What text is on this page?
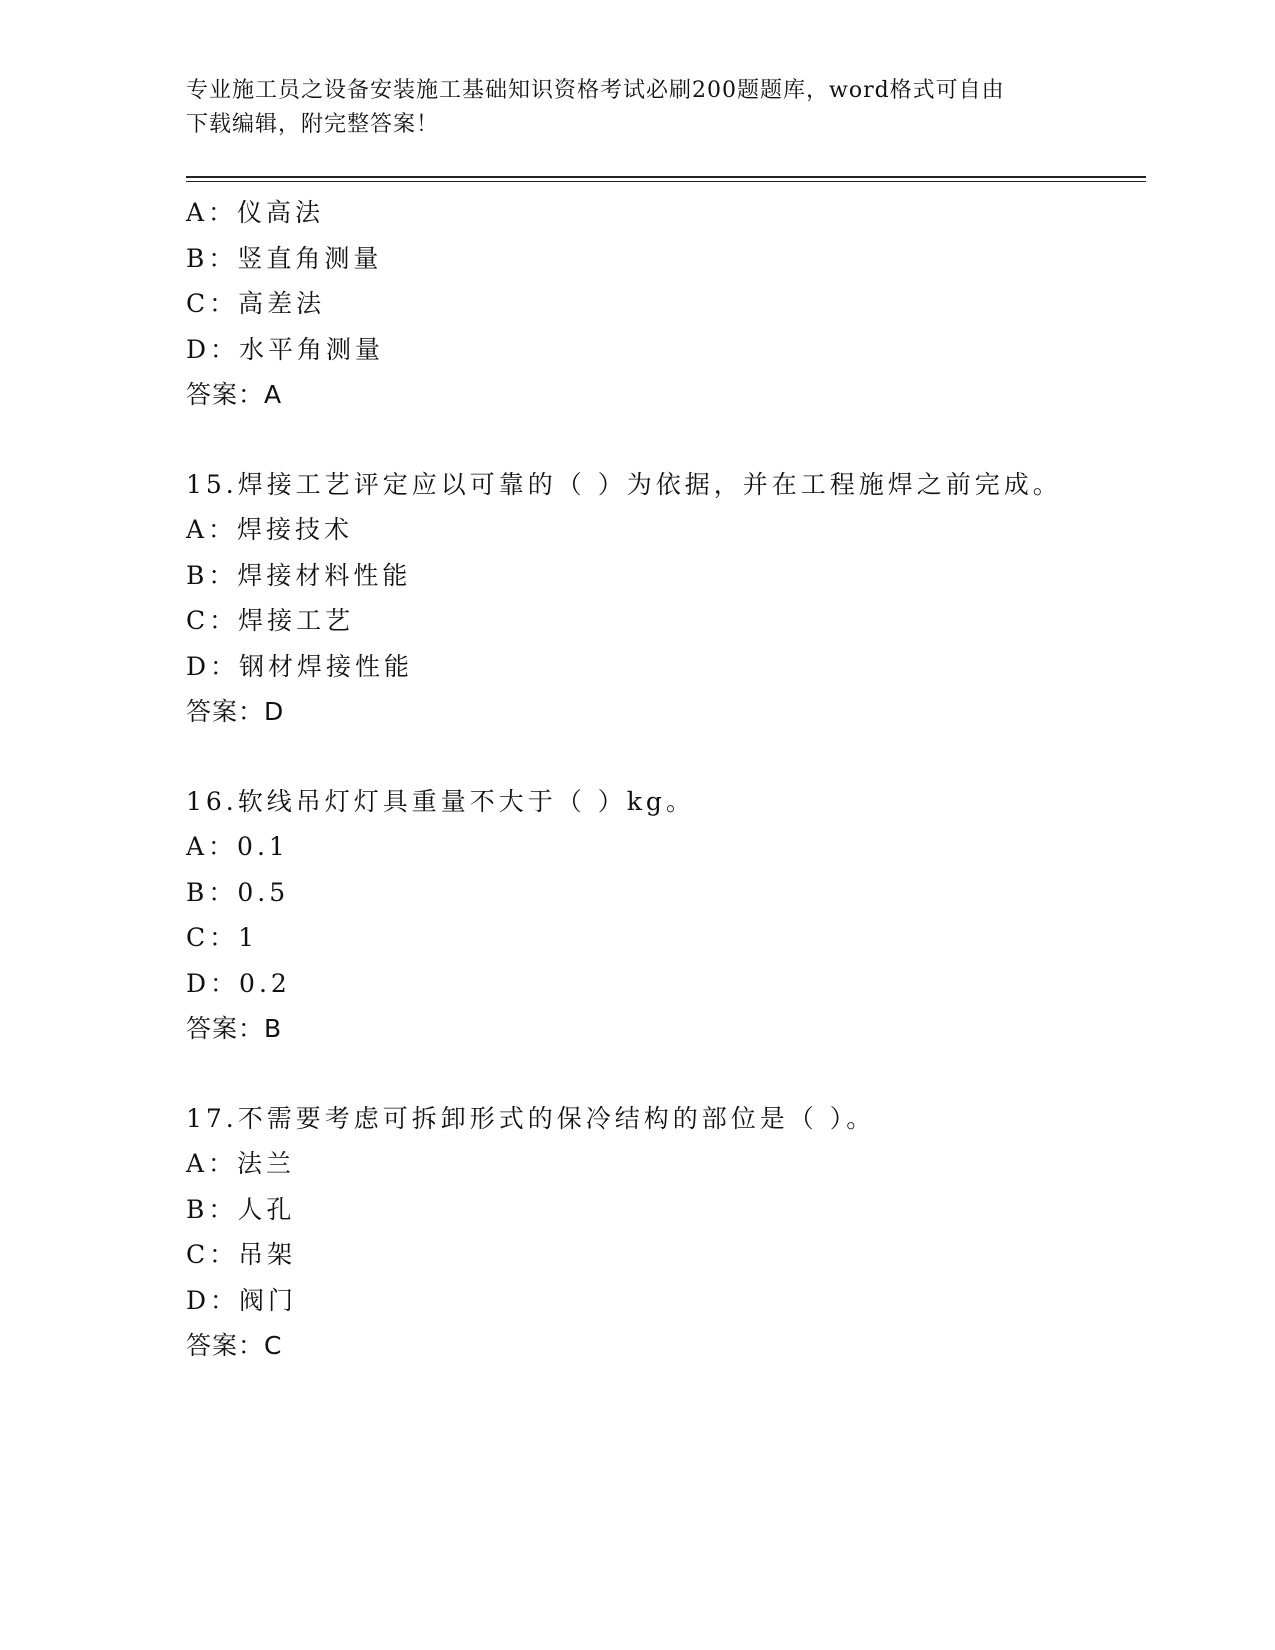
专业施工员之设备安装施工基础知识资格考试必刷200题题库，word格式可自由
下载编辑，附完整答案！
A：仪高法
B：竖直角测量
C：高差法
D：水平角测量
答案：A
15.焊接工艺评定应以可靠的（ ）为依据，并在工程施焊之前完成。
A：焊接技术
B：焊接材料性能
C：焊接工艺
D：钢材焊接性能
答案：D
16.软线吊灯灯具重量不大于（ ）kg。
A：0.1
B：0.5
C：1
D：0.2
答案：B
17.不需要考虑可拆卸形式的保冷结构的部位是（ ）。
A：法兰
B：人孔
C：吊架
D：阀门
答案：C
